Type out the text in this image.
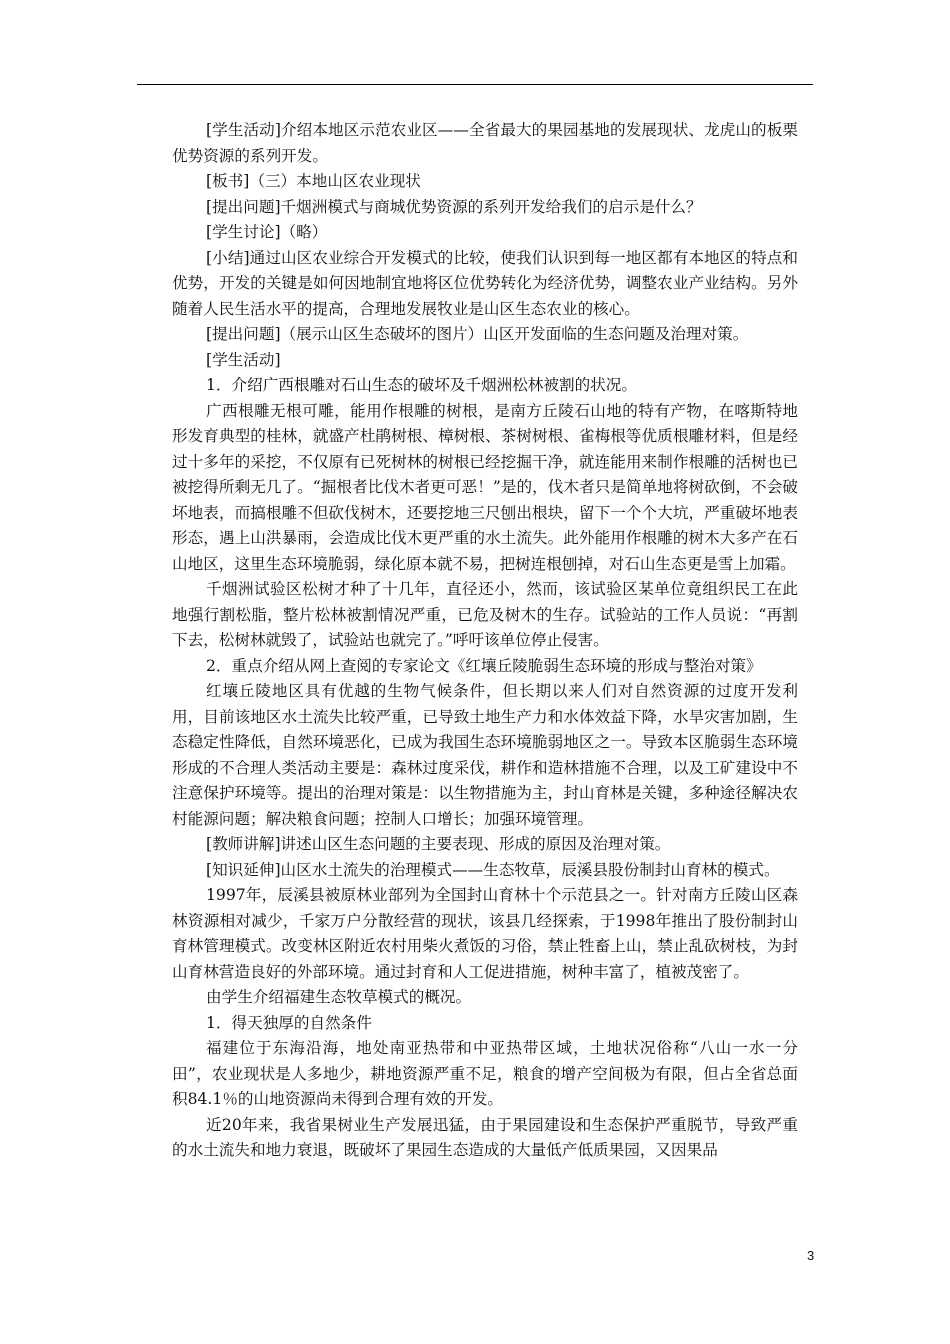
[学生活动]介绍本地区示范农业区——全省最大的果园基地的发展现状、龙虎山的板栗优势资源的系列开发。

[板书]（三）本地山区农业现状

[提出问题]千烟洲模式与商城优势资源的系列开发给我们的启示是什么？

[学生讨论]（略）

[小结]通过山区农业综合开发模式的比较，使我们认识到每一地区都有本地区的特点和优势，开发的关键是如何因地制宜地将区位优势转化为经济优势，调整农业产业结构。另外随着人民生活水平的提高，合理地发展牧业是山区生态农业的核心。

[提出问题]（展示山区生态破坏的图片）山区开发面临的生态问题及治理对策。

[学生活动]

1．介绍广西根雕对石山生态的破坏及千烟洲松林被割的状况。

广西根雕无根可雕，能用作根雕的树根，是南方丘陵石山地的特有产物，在喀斯特地形发育典型的桂林，就盛产杜鹃树根、樟树根、茶树树根、雀梅根等优质根雕材料，但是经过十多年的采挖，不仅原有已死树林的树根已经挖掘干净，就连能用来制作根雕的活树也已被挖得所剩无几了。“掘根者比伐木者更可恶！”是的，伐木者只是简单地将树砍倒，不会破坏地表，而搞根雕不但砍伐树木，还要挖地三尺刨出根块，留下一个个大坑，严重破坏地表形态，遇上山洪暴雨，会造成比伐木更严重的水土流失。此外能用作根雕的树木大多产在石山地区，这里生态环境脆弱，绿化原本就不易，把树连根刨掉，对石山生态更是雪上加霜。

千烟洲试验区松树才种了十几年，直径还小，然而，该试验区某单位竟组织民工在此地强行割松脂，整片松林被割情况严重，已危及树木的生存。试验站的工作人员说：“再割下去，松树林就毁了，试验站也就完了。”呼吁该单位停止侵害。

2．重点介绍从网上查阅的专家论文《红壤丘陵脆弱生态环境的形成与整治对策》

红壤丘陵地区具有优越的生物气候条件，但长期以来人们对自然资源的过度开发利用，目前该地区水土流失比较严重，已导致土地生产力和水体效益下降，水旱灾害加剧，生态稳定性降低，自然环境恶化，已成为我国生态环境脆弱地区之一。导致本区脆弱生态环境形成的不合理人类活动主要是：森林过度采伐，耕作和造林措施不合理，以及工矿建设中不注意保护环境等。提出的治理对策是：以生物措施为主，封山育林是关键，多种途径解决农村能源问题；解决粮食问题；控制人口增长；加强环境管理。

[教师讲解]讲述山区生态问题的主要表现、形成的原因及治理对策。

[知识延伸]山区水土流失的治理模式——生态牧草，辰溪县股份制封山育林的模式。

1997年，辰溪县被原林业部列为全国封山育林十个示范县之一。针对南方丘陵山区森林资源相对减少，千家万户分散经营的现状，该县几经探索，于1998年推出了股份制封山育林管理模式。改变林区附近农村用柴火煮饭的习俗，禁止牲畜上山，禁止乱砍树枝，为封山育林营造良好的外部环境。通过封育和人工促进措施，树种丰富了，植被茂密了。

由学生介绍福建生态牧草模式的概况。

1．得天独厚的自然条件

福建位于东海沿海，地处南亚热带和中亚热带区域，土地状况俗称“八山一水一分田”，农业现状是人多地少，耕地资源严重不足，粮食的增产空间极为有限，但占全省总面积84.1％的山地资源尚未得到合理有效的开发。

近20年来，我省果树业生产发展迅猛，由于果园建设和生态保护严重脱节，导致严重的水土流失和地力衰退，既破坏了果园生态造成的大量低产低质果园，又因果品

3
